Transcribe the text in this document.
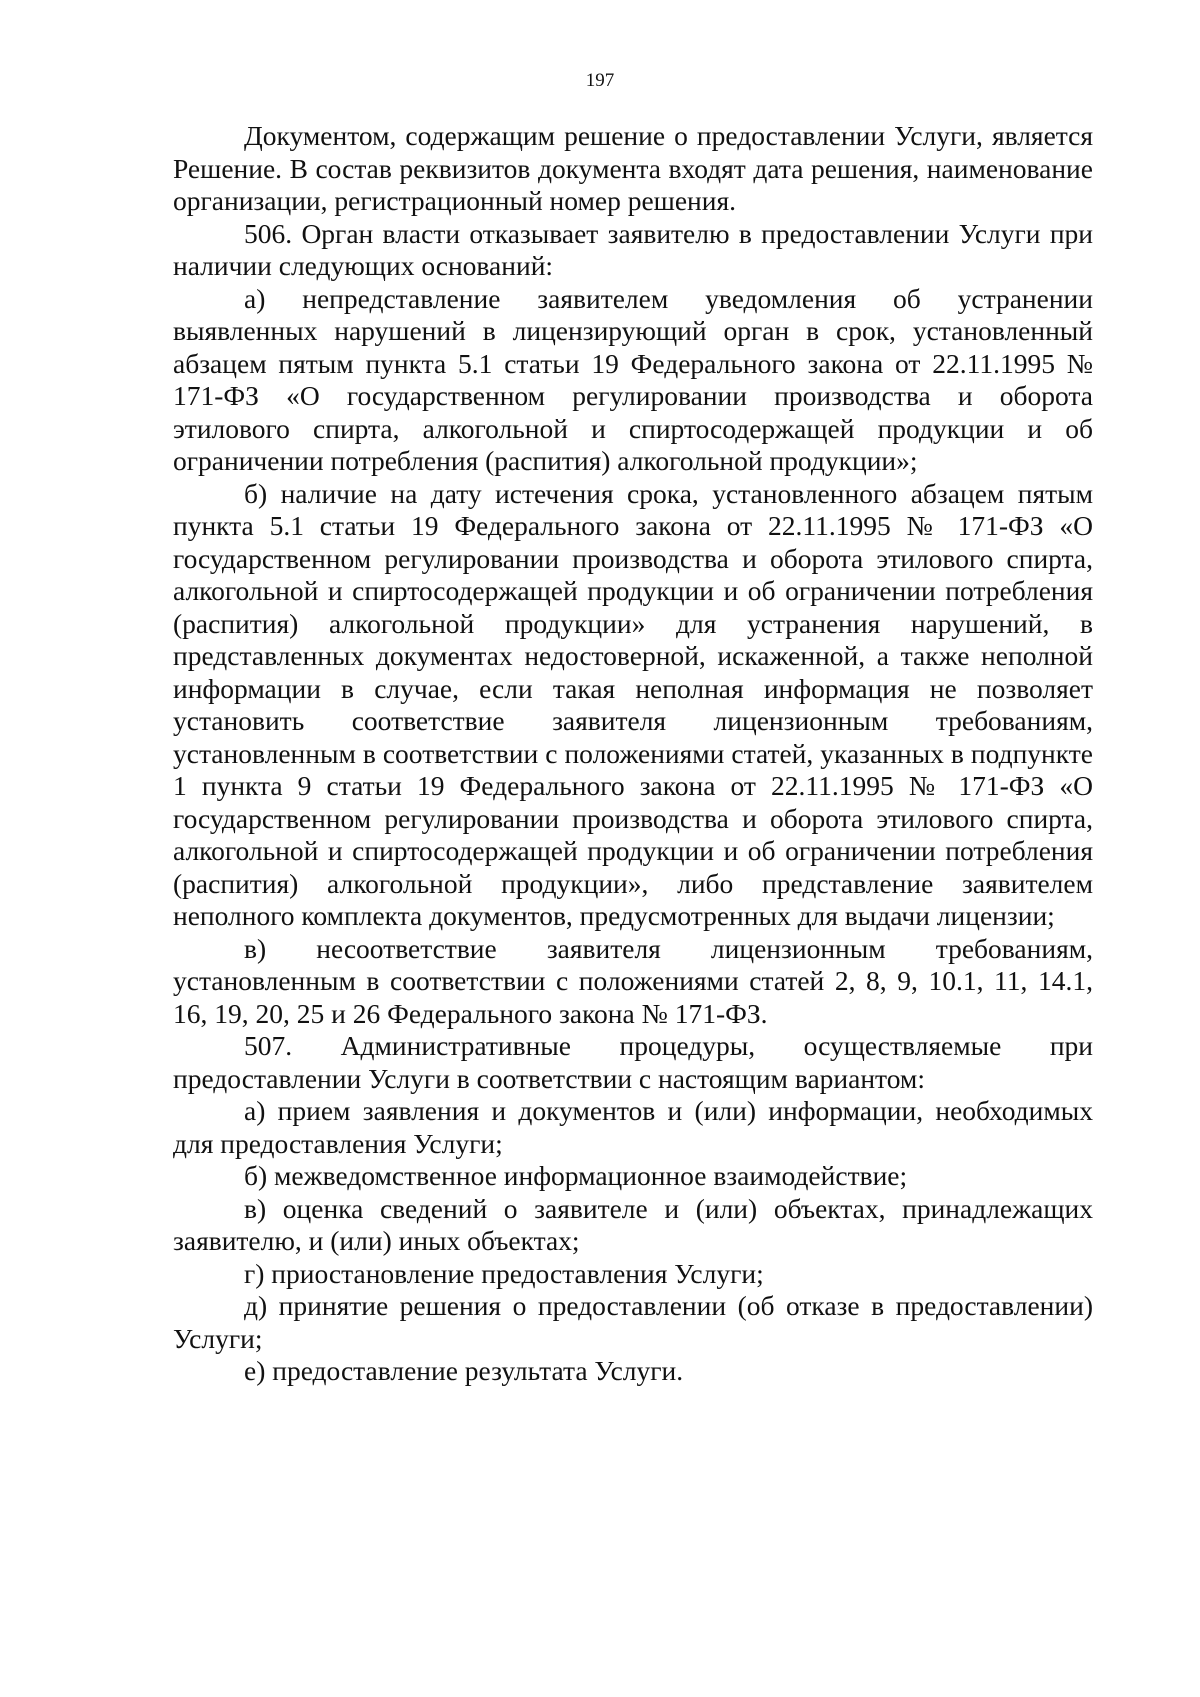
197

Документом, содержащим решение о предоставлении Услуги, является Решение. В состав реквизитов документа входят дата решения, наименование организации, регистрационный номер решения.

506. Орган власти отказывает заявителю в предоставлении Услуги при наличии следующих оснований:

а) непредставление заявителем уведомления об устранении выявленных нарушений в лицензирующий орган в срок, установленный абзацем пятым пункта 5.1 статьи 19 Федерального закона от 22.11.1995 № 171-ФЗ «О государственном регулировании производства и оборота этилового спирта, алкогольной и спиртосодержащей продукции и об ограничении потребления (распития) алкогольной продукции»;

б) наличие на дату истечения срока, установленного абзацем пятым пункта 5.1 статьи 19 Федерального закона от 22.11.1995 № 171-ФЗ «О государственном регулировании производства и оборота этилового спирта, алкогольной и спиртосодержащей продукции и об ограничении потребления (распития) алкогольной продукции» для устранения нарушений, в представленных документах недостоверной, искаженной, а также неполной информации в случае, если такая неполная информация не позволяет установить соответствие заявителя лицензионным требованиям, установленным в соответствии с положениями статей, указанных в подпункте 1 пункта 9 статьи 19 Федерального закона от 22.11.1995 № 171-ФЗ «О государственном регулировании производства и оборота этилового спирта, алкогольной и спиртосодержащей продукции и об ограничении потребления (распития) алкогольной продукции», либо представление заявителем неполного комплекта документов, предусмотренных для выдачи лицензии;

в) несоответствие заявителя лицензионным требованиям, установленным в соответствии с положениями статей 2, 8, 9, 10.1, 11, 14.1, 16, 19, 20, 25 и 26 Федерального закона № 171-ФЗ.

507. Административные процедуры, осуществляемые при предоставлении Услуги в соответствии с настоящим вариантом:

а) прием заявления и документов и (или) информации, необходимых для предоставления Услуги;

б) межведомственное информационное взаимодействие;

в) оценка сведений о заявителе и (или) объектах, принадлежащих заявителю, и (или) иных объектах;

г) приостановление предоставления Услуги;

д) принятие решения о предоставлении (об отказе в предоставлении) Услуги;

е) предоставление результата Услуги.
